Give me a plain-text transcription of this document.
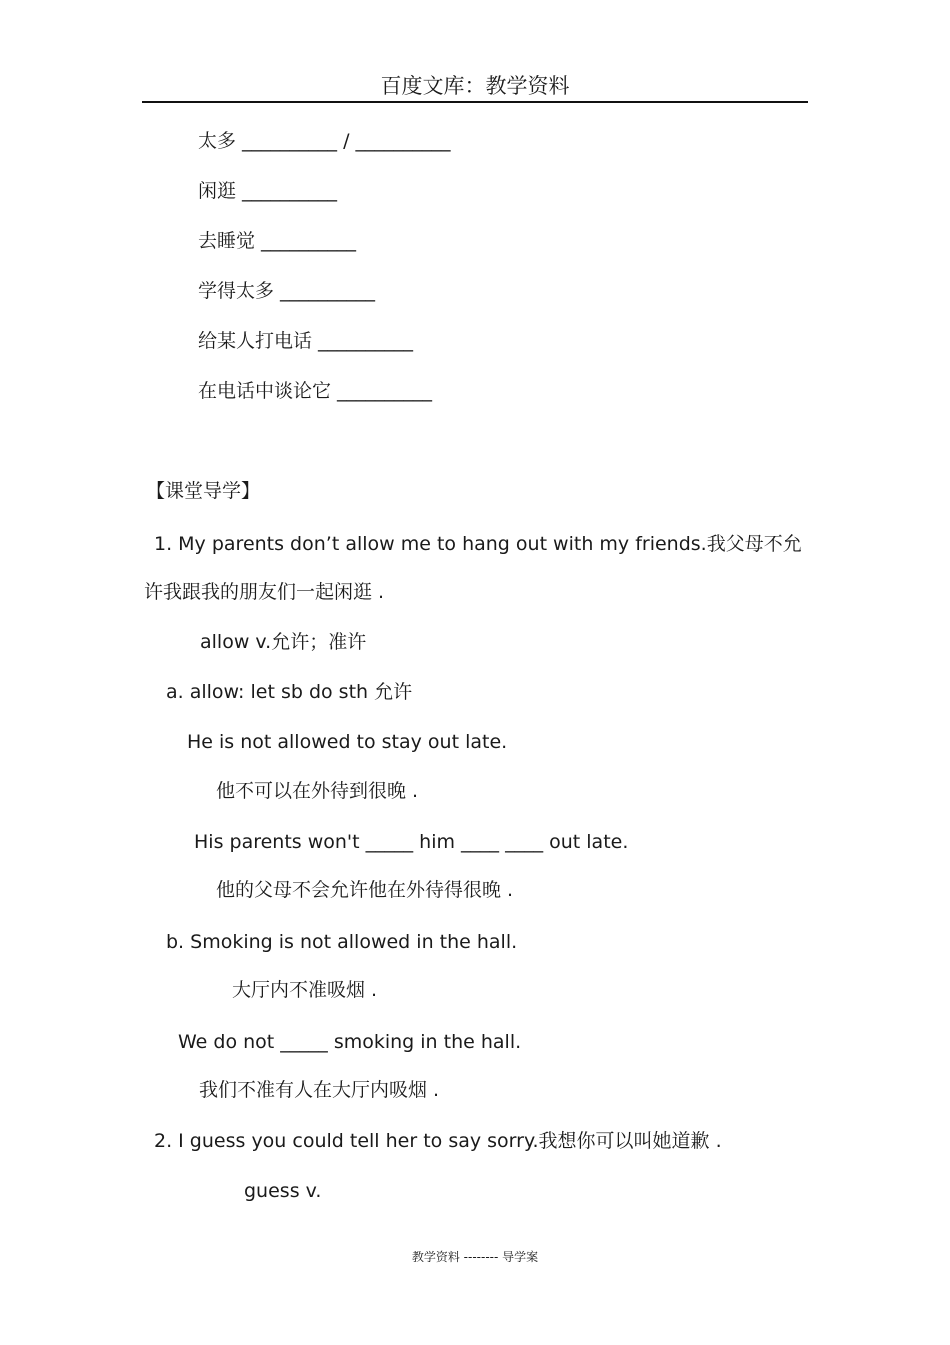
百度文库：教学资料
太多 __________ / __________
闲逛 __________
去睡觉 __________
学得太多 __________
给某人打电话 __________
在电话中谈论它 __________
【课堂导学】
1. My parents don’t allow me to hang out with my friends.我父母不允
许我跟我的朋友们一起闲逛 .
allow v.允许；准许
a. allow: let sb do sth 允许
He is not allowed to stay out late.
他不可以在外待到很晚 .
His parents won't _____ him ____ ____ out late.
他的父母不会允许他在外待得很晚 .
b. Smoking is not allowed in the hall.
大厅内不准吸烟 .
We do not _____ smoking in the hall.
我们不准有人在大厅内吸烟 .
2. I guess you could tell her to say sorry.我想你可以叫她道歉 .
guess v.
教学资料 -------- 导学案
